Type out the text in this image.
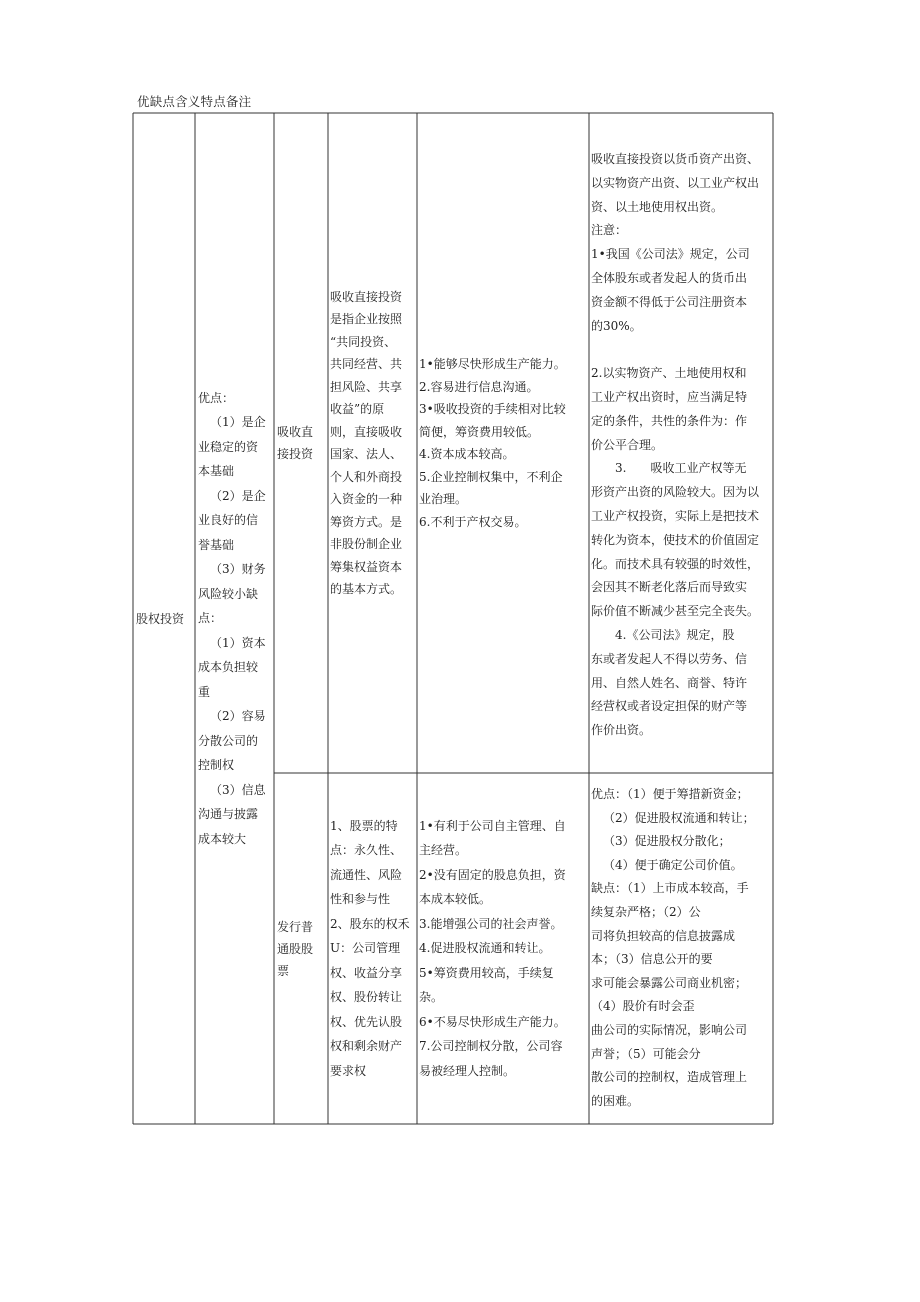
优缺点含义特点备注

股权投资

优点：

（1）是企

业稳定的资

本基础

（2）是企

业良好的信

誉基础

（3）财务

风险较小缺

点：

（1）资本

成本负担较

重

（2）容易

分散公司的

控制权

（3）信息

沟通与披露

成本较大

吸收直

接投资

吸收直接投资

是指企业按照

“共同投资、

共同经营、共

担风险、共享

收益”的原

则，直接吸收

国家、法人、

个人和外商投

入资金的一种

筹资方式。是

非股份制企业

筹集权益资本

的基本方式。

1•能够尽快形成生产能力。

2.容易进行信息沟通。

3•吸收投资的手续相对比较

简便，筹资费用较低。

4.资本成本较高。

5.企业控制权集中，不利企

业治理。

6.不利于产权交易。

吸收直接投资以货币资产出资、

以实物资产出资、以工业产权出

资、以土地使用权出资。

注意：

1•我国《公司法》规定，公司

全体股东或者发起人的货币出

资金额不得低于公司注册资本

的30%。

2.以实物资产、土地使用权和

工业产权出资时，应当满足特

定的条件，共性的条件为：作

价公平合理。

3.　　吸收工业产权等无

形资产出资的风险较大。因为以

工业产权投资，实际上是把技术

转化为资本，使技术的价值固定

化。而技术具有较强的时效性，

会因其不断老化落后而导致实

际价值不断减少甚至完全丧失。

4.《公司法》规定，股

东或者发起人不得以劳务、信

用、自然人姓名、商誉、特许

经营权或者设定担保的财产等

作价出资。

发行普

通股股

票

1、股票的特

点：永久性、

流通性、风险

性和参与性

2、股东的权禾

U：公司管理

权、收益分享

权、股份转让

权、优先认股

权和剩余财产

要求权

1•有利于公司自主管理、自

主经营。

2•没有固定的股息负担，资

本成本较低。

3.能增强公司的社会声誉。

4.促进股权流通和转让。

5•筹资费用较高，手续复

杂。

6•不易尽快形成生产能力。

7.公司控制权分散，公司容

易被经理人控制。

优点：（1）便于筹措新资金；

（2）促进股权流通和转让；

（3）促进股权分散化；

（4）便于确定公司价值。

缺点：（1）上市成本较高，手

续复杂严格；（2）公

司将负担较高的信息披露成

本；（3）信息公开的要

求可能会暴露公司商业机密；

（4）股价有时会歪

曲公司的实际情况，影响公司

声誉；（5）可能会分

散公司的控制权，造成管理上

的困难。
